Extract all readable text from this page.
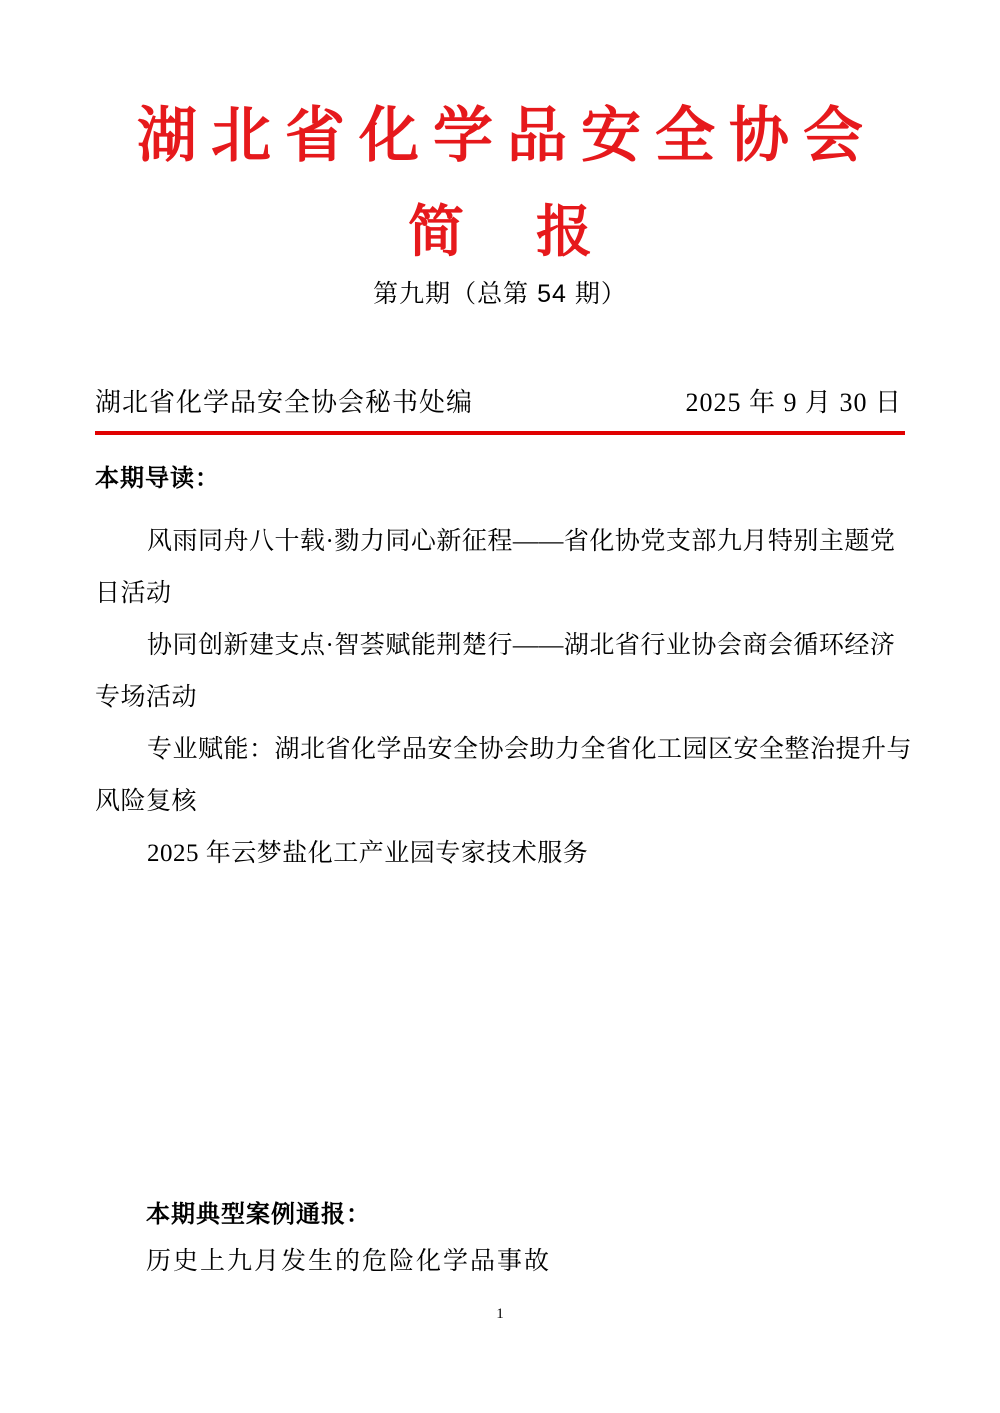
湖北省化学品安全协会
简　报
第九期（总第 54 期）
湖北省化学品安全协会秘书处编	2025 年 9 月 30 日
本期导读：
风雨同舟八十载·勠力同心新征程——省化协党支部九月特别主题党
日活动
协同创新建支点·智荟赋能荆楚行——湖北省行业协会商会循环经济
专场活动
专业赋能：湖北省化学品安全协会助力全省化工园区安全整治提升与
风险复核
2025 年云梦盐化工产业园专家技术服务
本期典型案例通报：
历史上九月发生的危险化学品事故
1
